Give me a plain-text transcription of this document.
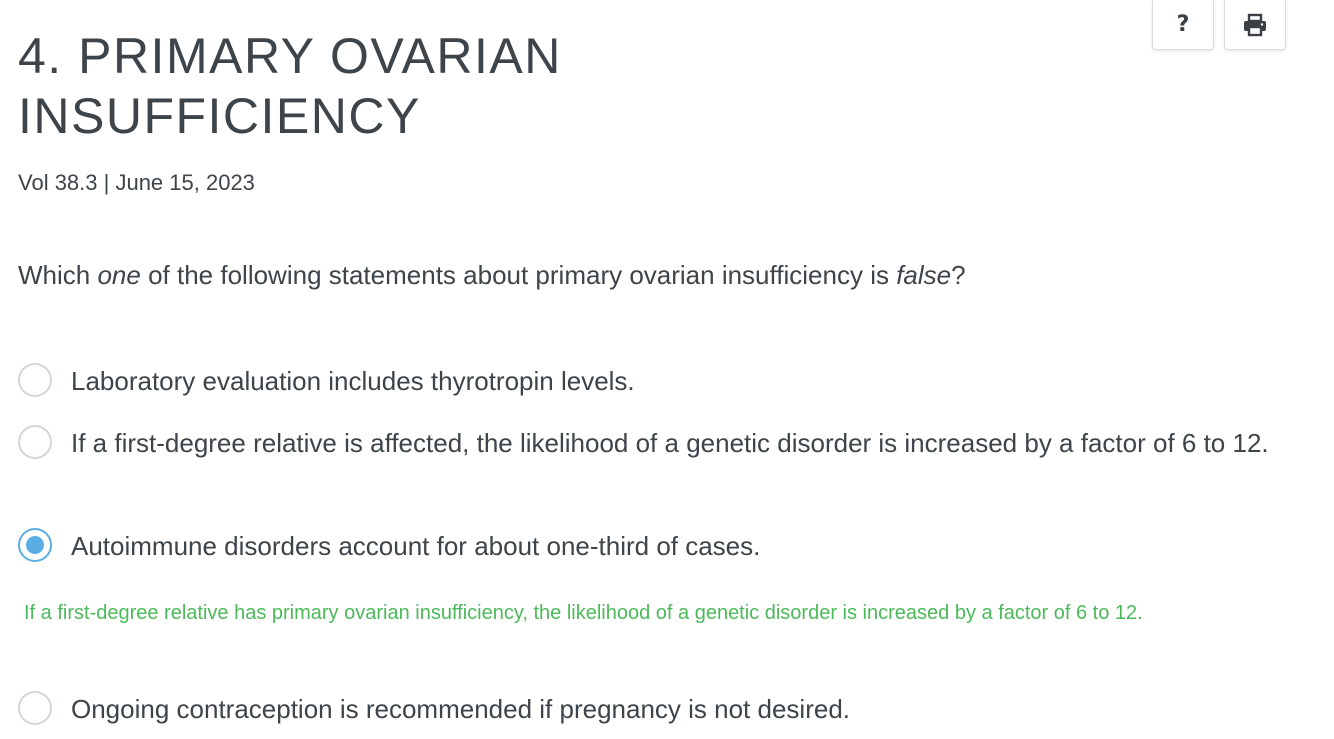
?
4. PRIMARY OVARIAN
INSUFFICIENCY
Vol 38.3 | June 15, 2023
Which one of the following statements about primary ovarian insufficiency is false?
Laboratory evaluation includes thyrotropin levels.
If a first-degree relative is affected, the likelihood of a genetic disorder is increased by a factor of 6 to 12.
Autoimmune disorders account for about one-third of cases.
If a first-degree relative has primary ovarian insufficiency, the likelihood of a genetic disorder is increased by a factor of 6 to 12.
Ongoing contraception is recommended if pregnancy is not desired.
